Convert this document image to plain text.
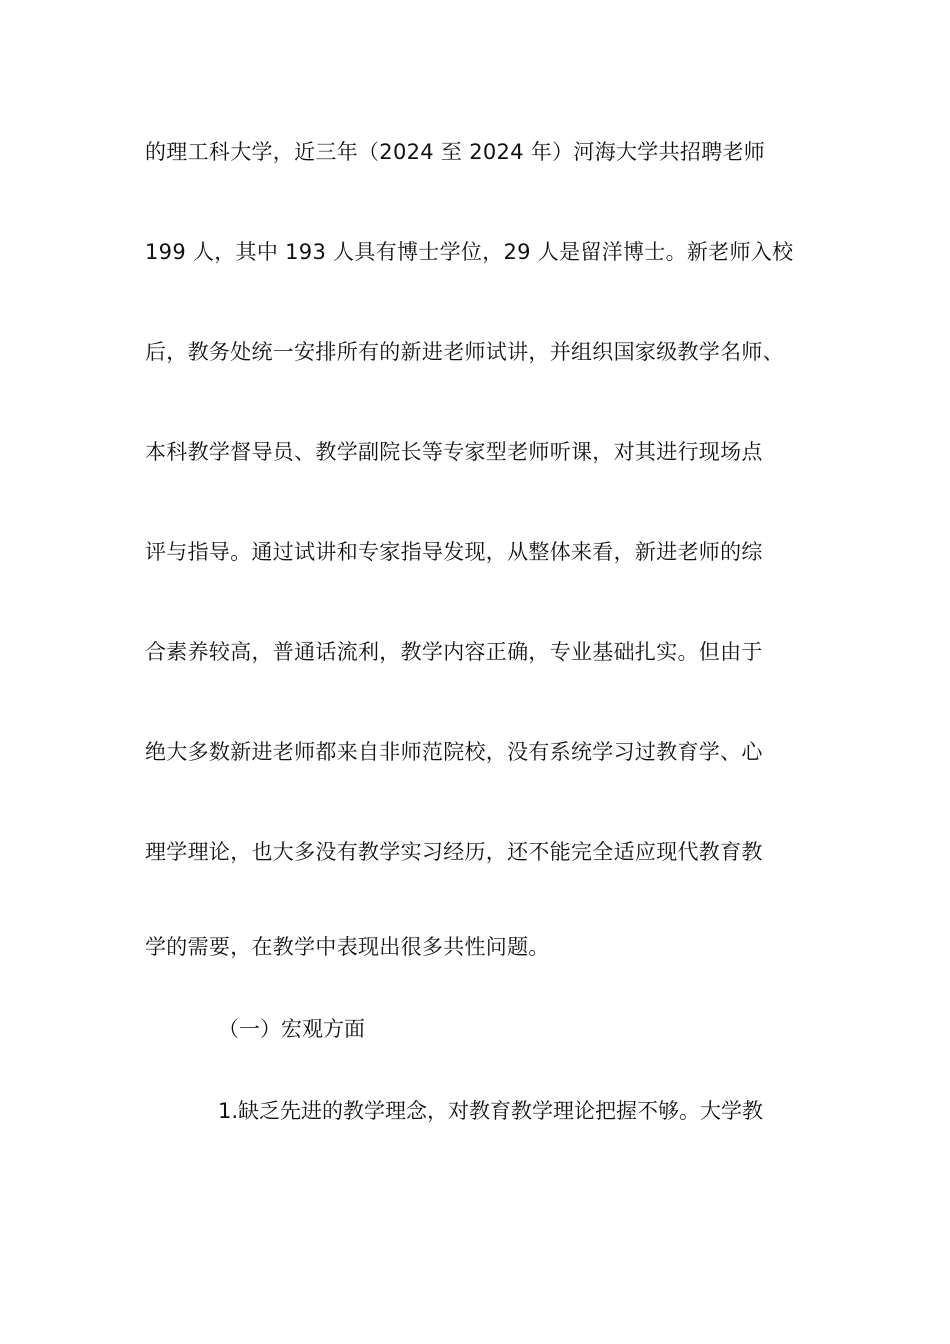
的理工科大学，近三年（2024 至 2024 年）河海大学共招聘老师
199 人，其中 193 人具有博士学位，29 人是留洋博士。新老师入校
后，教务处统一安排所有的新进老师试讲，并组织国家级教学名师、
本科教学督导员、教学副院长等专家型老师听课，对其进行现场点
评与指导。通过试讲和专家指导发现，从整体来看，新进老师的综
合素养较高，普通话流利，教学内容正确，专业基础扎实。但由于
绝大多数新进老师都来自非师范院校，没有系统学习过教育学、心
理学理论，也大多没有教学实习经历，还不能完全适应现代教育教
学的需要，在教学中表现出很多共性问题。
（一）宏观方面
1.缺乏先进的教学理念，对教育教学理论把握不够。大学教
